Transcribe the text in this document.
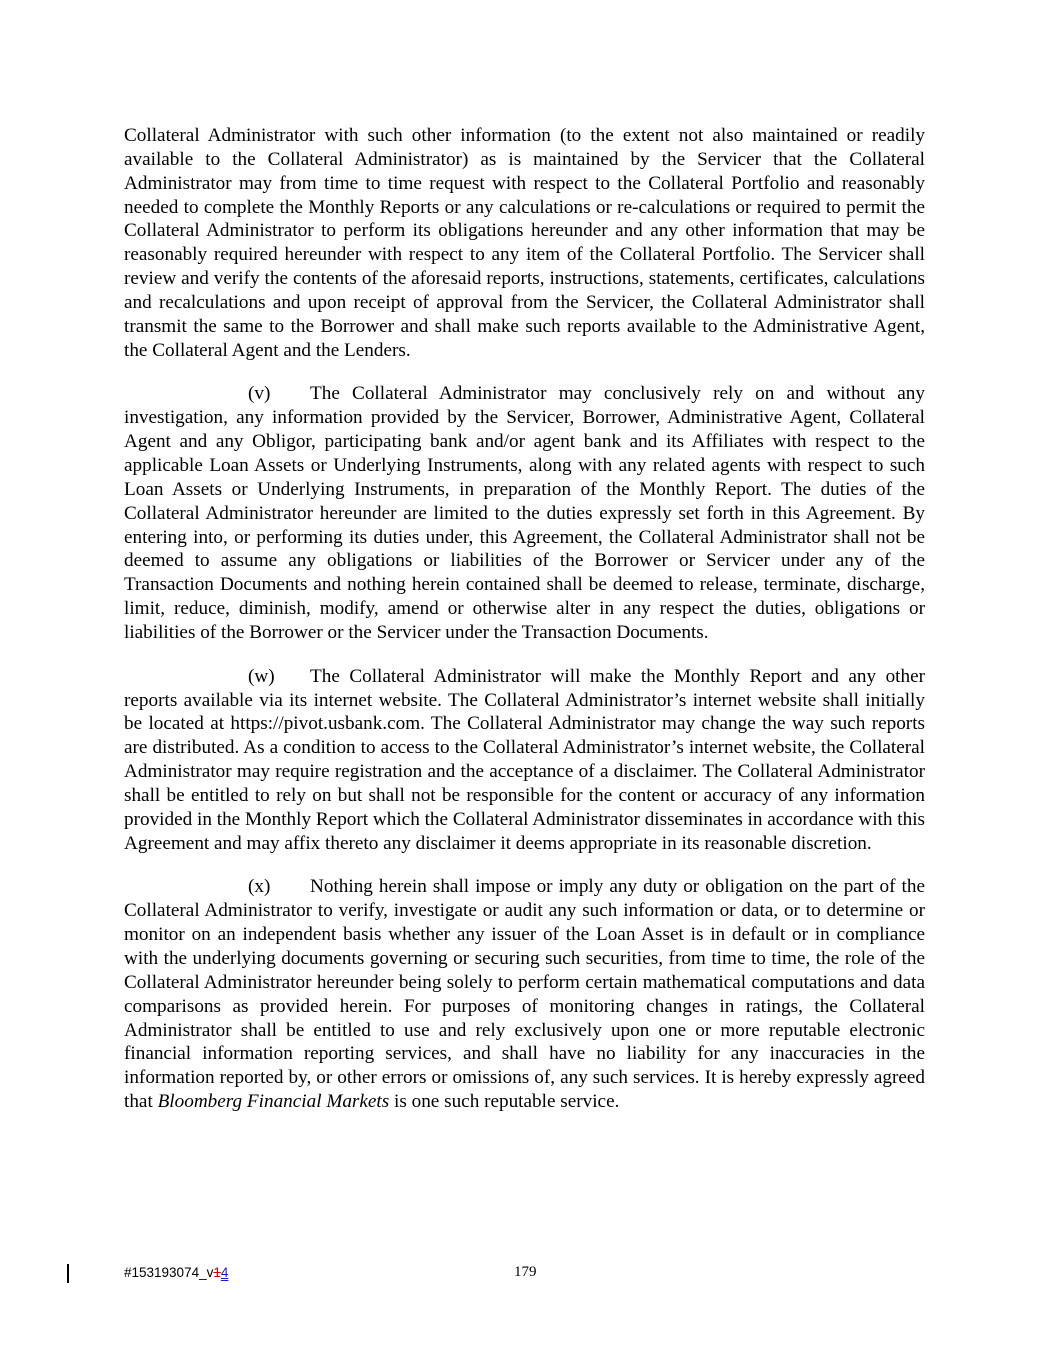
Collateral Administrator with such other information (to the extent not also maintained or readily available to the Collateral Administrator) as is maintained by the Servicer that the Collateral Administrator may from time to time request with respect to the Collateral Portfolio and reasonably needed to complete the Monthly Reports or any calculations or re-calculations or required to permit the Collateral Administrator to perform its obligations hereunder and any other information that may be reasonably required hereunder with respect to any item of the Collateral Portfolio. The Servicer shall review and verify the contents of the aforesaid reports, instructions, statements, certificates, calculations and recalculations and upon receipt of approval from the Servicer, the Collateral Administrator shall transmit the same to the Borrower and shall make such reports available to the Administrative Agent, the Collateral Agent and the Lenders.

(v) The Collateral Administrator may conclusively rely on and without any investigation, any information provided by the Servicer, Borrower, Administrative Agent, Collateral Agent and any Obligor, participating bank and/or agent bank and its Affiliates with respect to the applicable Loan Assets or Underlying Instruments, along with any related agents with respect to such Loan Assets or Underlying Instruments, in preparation of the Monthly Report. The duties of the Collateral Administrator hereunder are limited to the duties expressly set forth in this Agreement. By entering into, or performing its duties under, this Agreement, the Collateral Administrator shall not be deemed to assume any obligations or liabilities of the Borrower or Servicer under any of the Transaction Documents and nothing herein contained shall be deemed to release, terminate, discharge, limit, reduce, diminish, modify, amend or otherwise alter in any respect the duties, obligations or liabilities of the Borrower or the Servicer under the Transaction Documents.

(w) The Collateral Administrator will make the Monthly Report and any other reports available via its internet website. The Collateral Administrator’s internet website shall initially be located at https://pivot.usbank.com. The Collateral Administrator may change the way such reports are distributed. As a condition to access to the Collateral Administrator’s internet website, the Collateral Administrator may require registration and the acceptance of a disclaimer. The Collateral Administrator shall be entitled to rely on but shall not be responsible for the content or accuracy of any information provided in the Monthly Report which the Collateral Administrator disseminates in accordance with this Agreement and may affix thereto any disclaimer it deems appropriate in its reasonable discretion.

(x) Nothing herein shall impose or imply any duty or obligation on the part of the Collateral Administrator to verify, investigate or audit any such information or data, or to determine or monitor on an independent basis whether any issuer of the Loan Asset is in default or in compliance with the underlying documents governing or securing such securities, from time to time, the role of the Collateral Administrator hereunder being solely to perform certain mathematical computations and data comparisons as provided herein. For purposes of monitoring changes in ratings, the Collateral Administrator shall be entitled to use and rely exclusively upon one or more reputable electronic financial information reporting services, and shall have no liability for any inaccuracies in the information reported by, or other errors or omissions of, any such services. It is hereby expressly agreed that Bloomberg Financial Markets is one such reputable service.

#153193074_v14	179
